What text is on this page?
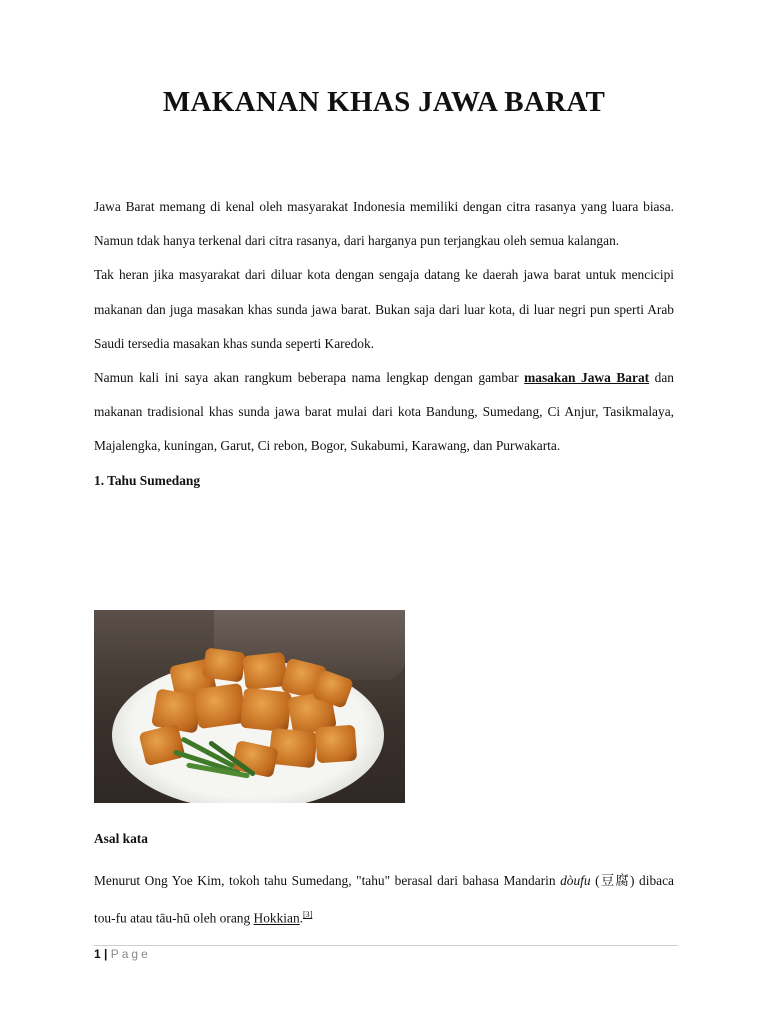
MAKANAN KHAS JAWA BARAT

Jawa Barat memang di kenal oleh masyarakat Indonesia memiliki dengan citra rasanya yang luara biasa. Namun tdak hanya terkenal dari citra rasanya, dari harganya pun terjangkau oleh semua kalangan.

Tak heran jika masyarakat dari diluar kota dengan sengaja datang ke daerah jawa barat untuk mencicipi makanan dan juga masakan khas sunda jawa barat. Bukan saja dari luar kota, di luar negri pun sperti Arab Saudi tersedia masakan khas sunda seperti Karedok.

Namun kali ini saya akan rangkum beberapa nama lengkap dengan gambar masakan Jawa Barat dan makanan tradisional khas sunda jawa barat mulai dari kota Bandung, Sumedang, Ci Anjur, Tasikmalaya, Majalengka, kuningan, Garut, Ci rebon, Bogor, Sukabumi, Karawang, dan Purwakarta.

1. Tahu Sumedang

Asal kata

Menurut Ong Yoe Kim, tokoh tahu Sumedang, "tahu" berasal dari bahasa Mandarin dòufu (豆腐) dibaca tou-fu atau tāu-hū oleh orang Hokkian.[3]

1 | Page
